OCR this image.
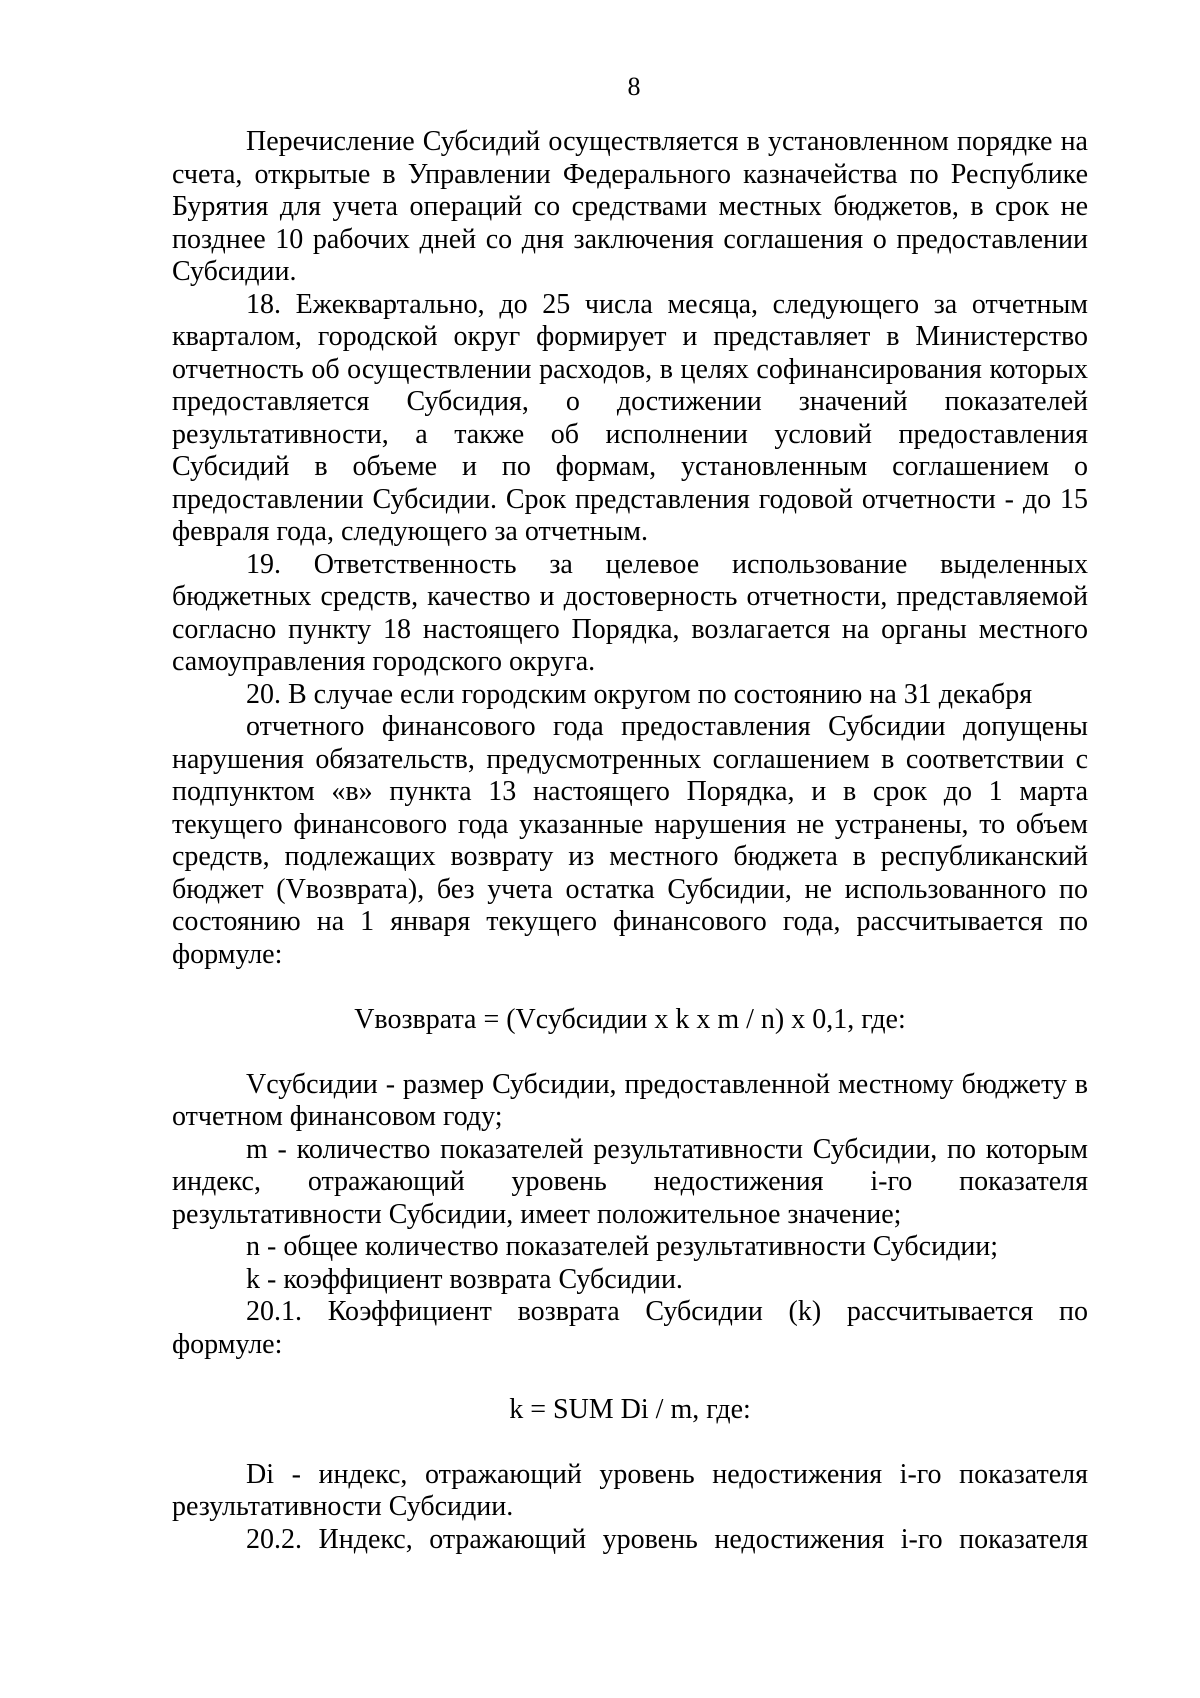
8

Перечисление Субсидий осуществляется в установленном порядке на счета, открытые в Управлении Федерального казначейства по Республике Бурятия для учета операций со средствами местных бюджетов, в срок не позднее 10 рабочих дней со дня заключения соглашения о предоставлении Субсидии.

18. Ежеквартально, до 25 числа месяца, следующего за отчетным кварталом, городской округ формирует и представляет в Министерство отчетность об осуществлении расходов, в целях софинансирования которых предоставляется Субсидия, о достижении значений показателей результативности, а также об исполнении условий предоставления Субсидий в объеме и по формам, установленным соглашением о предоставлении Субсидии. Срок представления годовой отчетности - до 15 февраля года, следующего за отчетным.

19. Ответственность за целевое использование выделенных бюджетных средств, качество и достоверность отчетности, представляемой согласно пункту 18 настоящего Порядка, возлагается на органы местного самоуправления городского округа.

20. В случае если городским округом по состоянию на 31 декабря

отчетного финансового года предоставления Субсидии допущены

нарушения обязательств, предусмотренных соглашением в соответствии с подпунктом «в» пункта 13 настоящего Порядка, и в срок до 1 марта текущего финансового года указанные нарушения не устранены, то объем средств, подлежащих возврату из местного бюджета в республиканский бюджет (Vвозврата), без учета остатка Субсидии, не использованного по состоянию на 1 января текущего финансового года, рассчитывается по формуле:

Vвозврата = (Vсубсидии x k x m / n) x 0,1, где:

Vсубсидии - размер Субсидии, предоставленной местному бюджету в отчетном финансовом году;

m - количество показателей результативности Субсидии, по которым индекс, отражающий уровень недостижения i-го показателя результативности Субсидии, имеет положительное значение;

n - общее количество показателей результативности Субсидии;

k - коэффициент возврата Субсидии.

20.1. Коэффициент возврата Субсидии (k) рассчитывается по формуле:

k = SUM Di / m, где:

Di - индекс, отражающий уровень недостижения i-го показателя результативности Субсидии.

20.2. Индекс, отражающий уровень недостижения i-го показателя
